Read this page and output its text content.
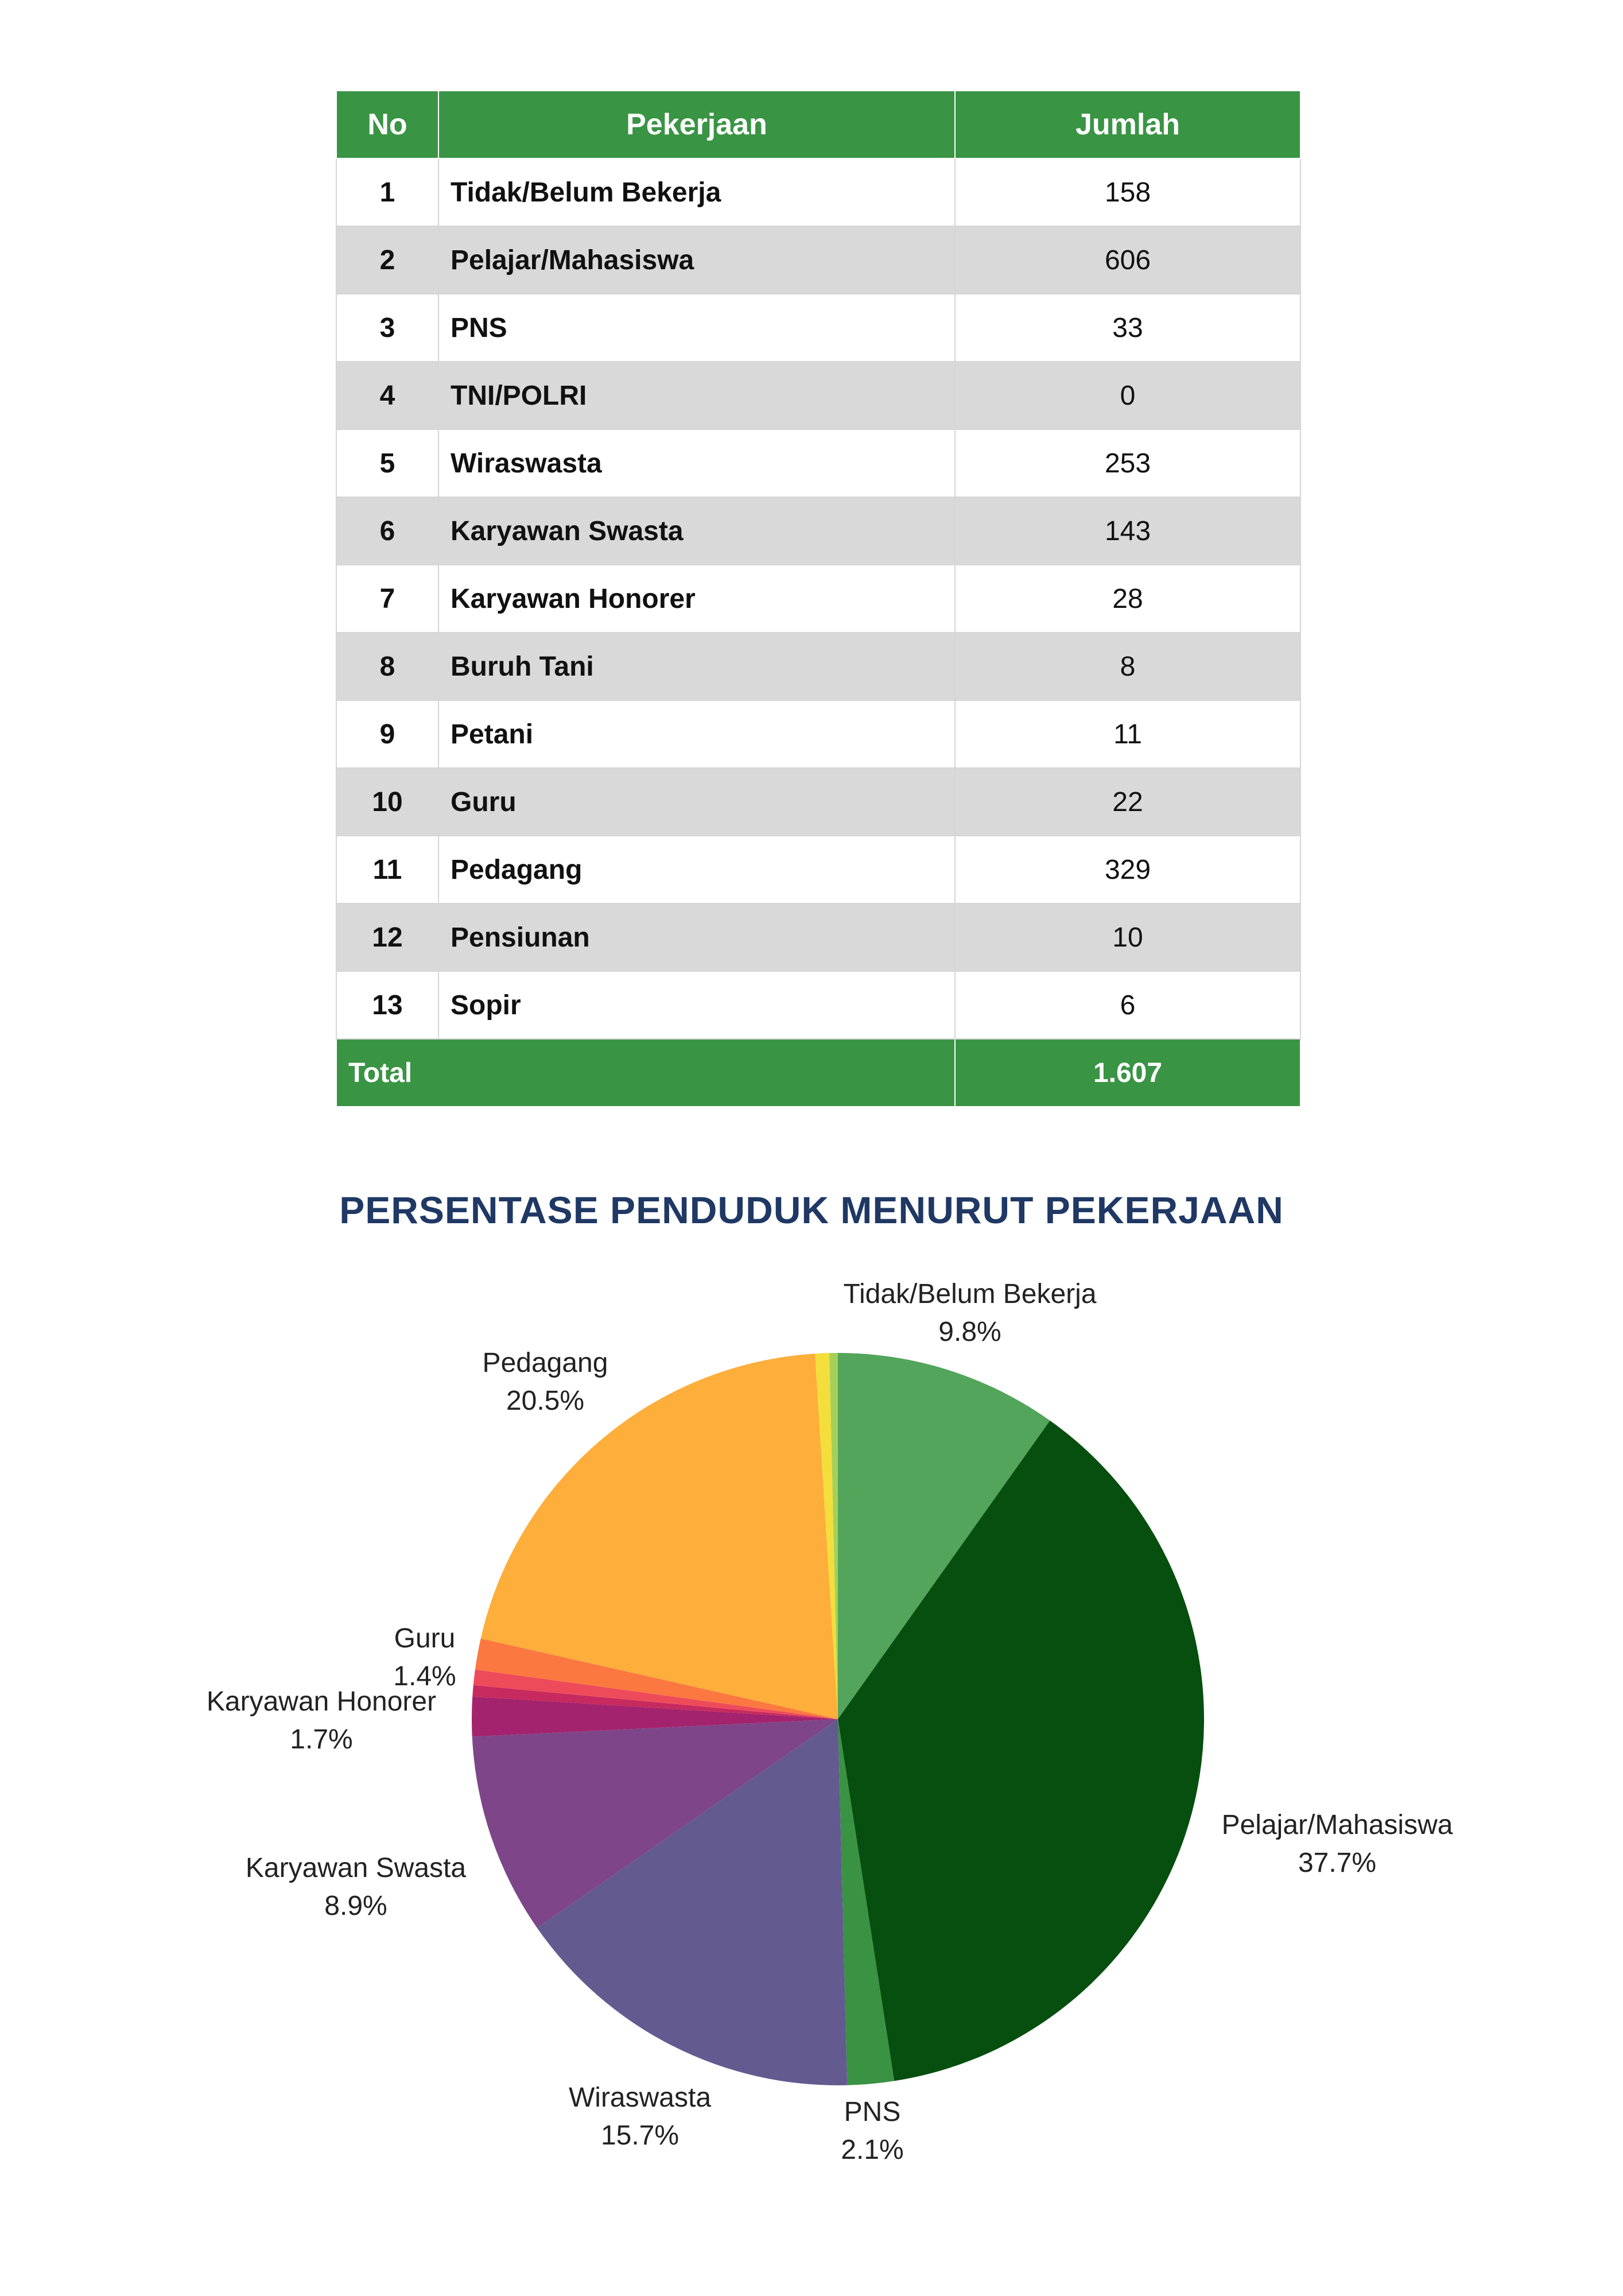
No	Pekerjaan	Jumlah
1	Tidak/Belum Bekerja	158
2	Pelajar/Mahasiswa	606
3	PNS	33
4	TNI/POLRI	0
5	Wiraswasta	253
6	Karyawan Swasta	143
7	Karyawan Honorer	28
8	Buruh Tani	8
9	Petani	11
10	Guru	22
11	Pedagang	329
12	Pensiunan	10
13	Sopir	6
Total		1.607
PERSENTASE PENDUDUK MENURUT PEKERJAAN
Tidak/Belum Bekerja
9.8%
Pelajar/Mahasiswa
37.7%
PNS
2.1%
Wiraswasta
15.7%
Karyawan Swasta
8.9%
Karyawan Honorer
1.7%
Guru
1.4%
Pedagang
20.5%
